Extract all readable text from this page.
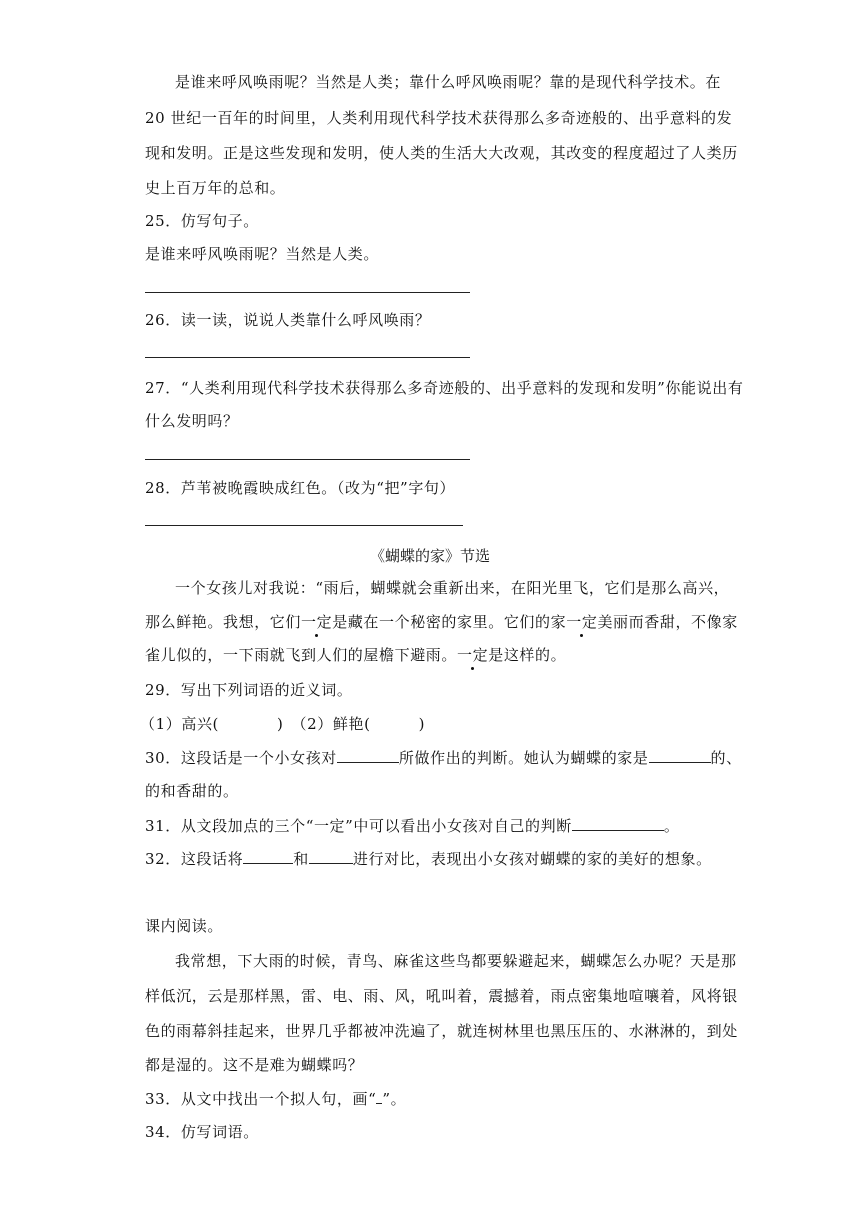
是谁来呼风唤雨呢？当然是人类；靠什么呼风唤雨呢？靠的是现代科学技术。在
20 世纪一百年的时间里，人类利用现代科学技术获得那么多奇迹般的、出乎意料的发
现和发明。正是这些发现和发明，使人类的生活大大改观，其改变的程度超过了人类历
史上百万年的总和。
25．仿写句子。
是谁来呼风唤雨呢？当然是人类。
26．读一读，说说人类靠什么呼风唤雨？
27．“人类利用现代科学技术获得那么多奇迹般的、出乎意料的发现和发明”你能说出有
什么发明吗？
28．芦苇被晚霞映成红色。（改为“把”字句）
《蝴蝶的家》节选
一个女孩儿对我说：“雨后，蝴蝶就会重新出来，在阳光里飞，它们是那么高兴，
那么鲜艳。我想，它们一定是藏在一个秘密的家里。它们的家一定美丽而香甜，不像家
雀儿似的，一下雨就飞到人们的屋檐下避雨。一定是这样的。
29．写出下列词语的近义词。
（1）高兴(	)　（2）鲜艳(	)
30．这段话是一个小女孩对	所做作出的判断。她认为蝴蝶的家是	的、
的和香甜的。
31．从文段加点的三个“一定”中可以看出小女孩对自己的判断	。
32．这段话将	和	进行对比，表现出小女孩对蝴蝶的家的美好的想象。
课内阅读。
我常想，下大雨的时候，青鸟、麻雀这些鸟都要躲避起来，蝴蝶怎么办呢？天是那
样低沉，云是那样黑，雷、电、雨、风，吼叫着，震撼着，雨点密集地喧嚷着，风将银
色的雨幕斜挂起来，世界几乎都被冲洗遍了，就连树林里也黑压压的、水淋淋的，到处
都是湿的。这不是难为蝴蝶吗？
33．从文中找出一个拟人句，画“ ”。
34．仿写词语。
